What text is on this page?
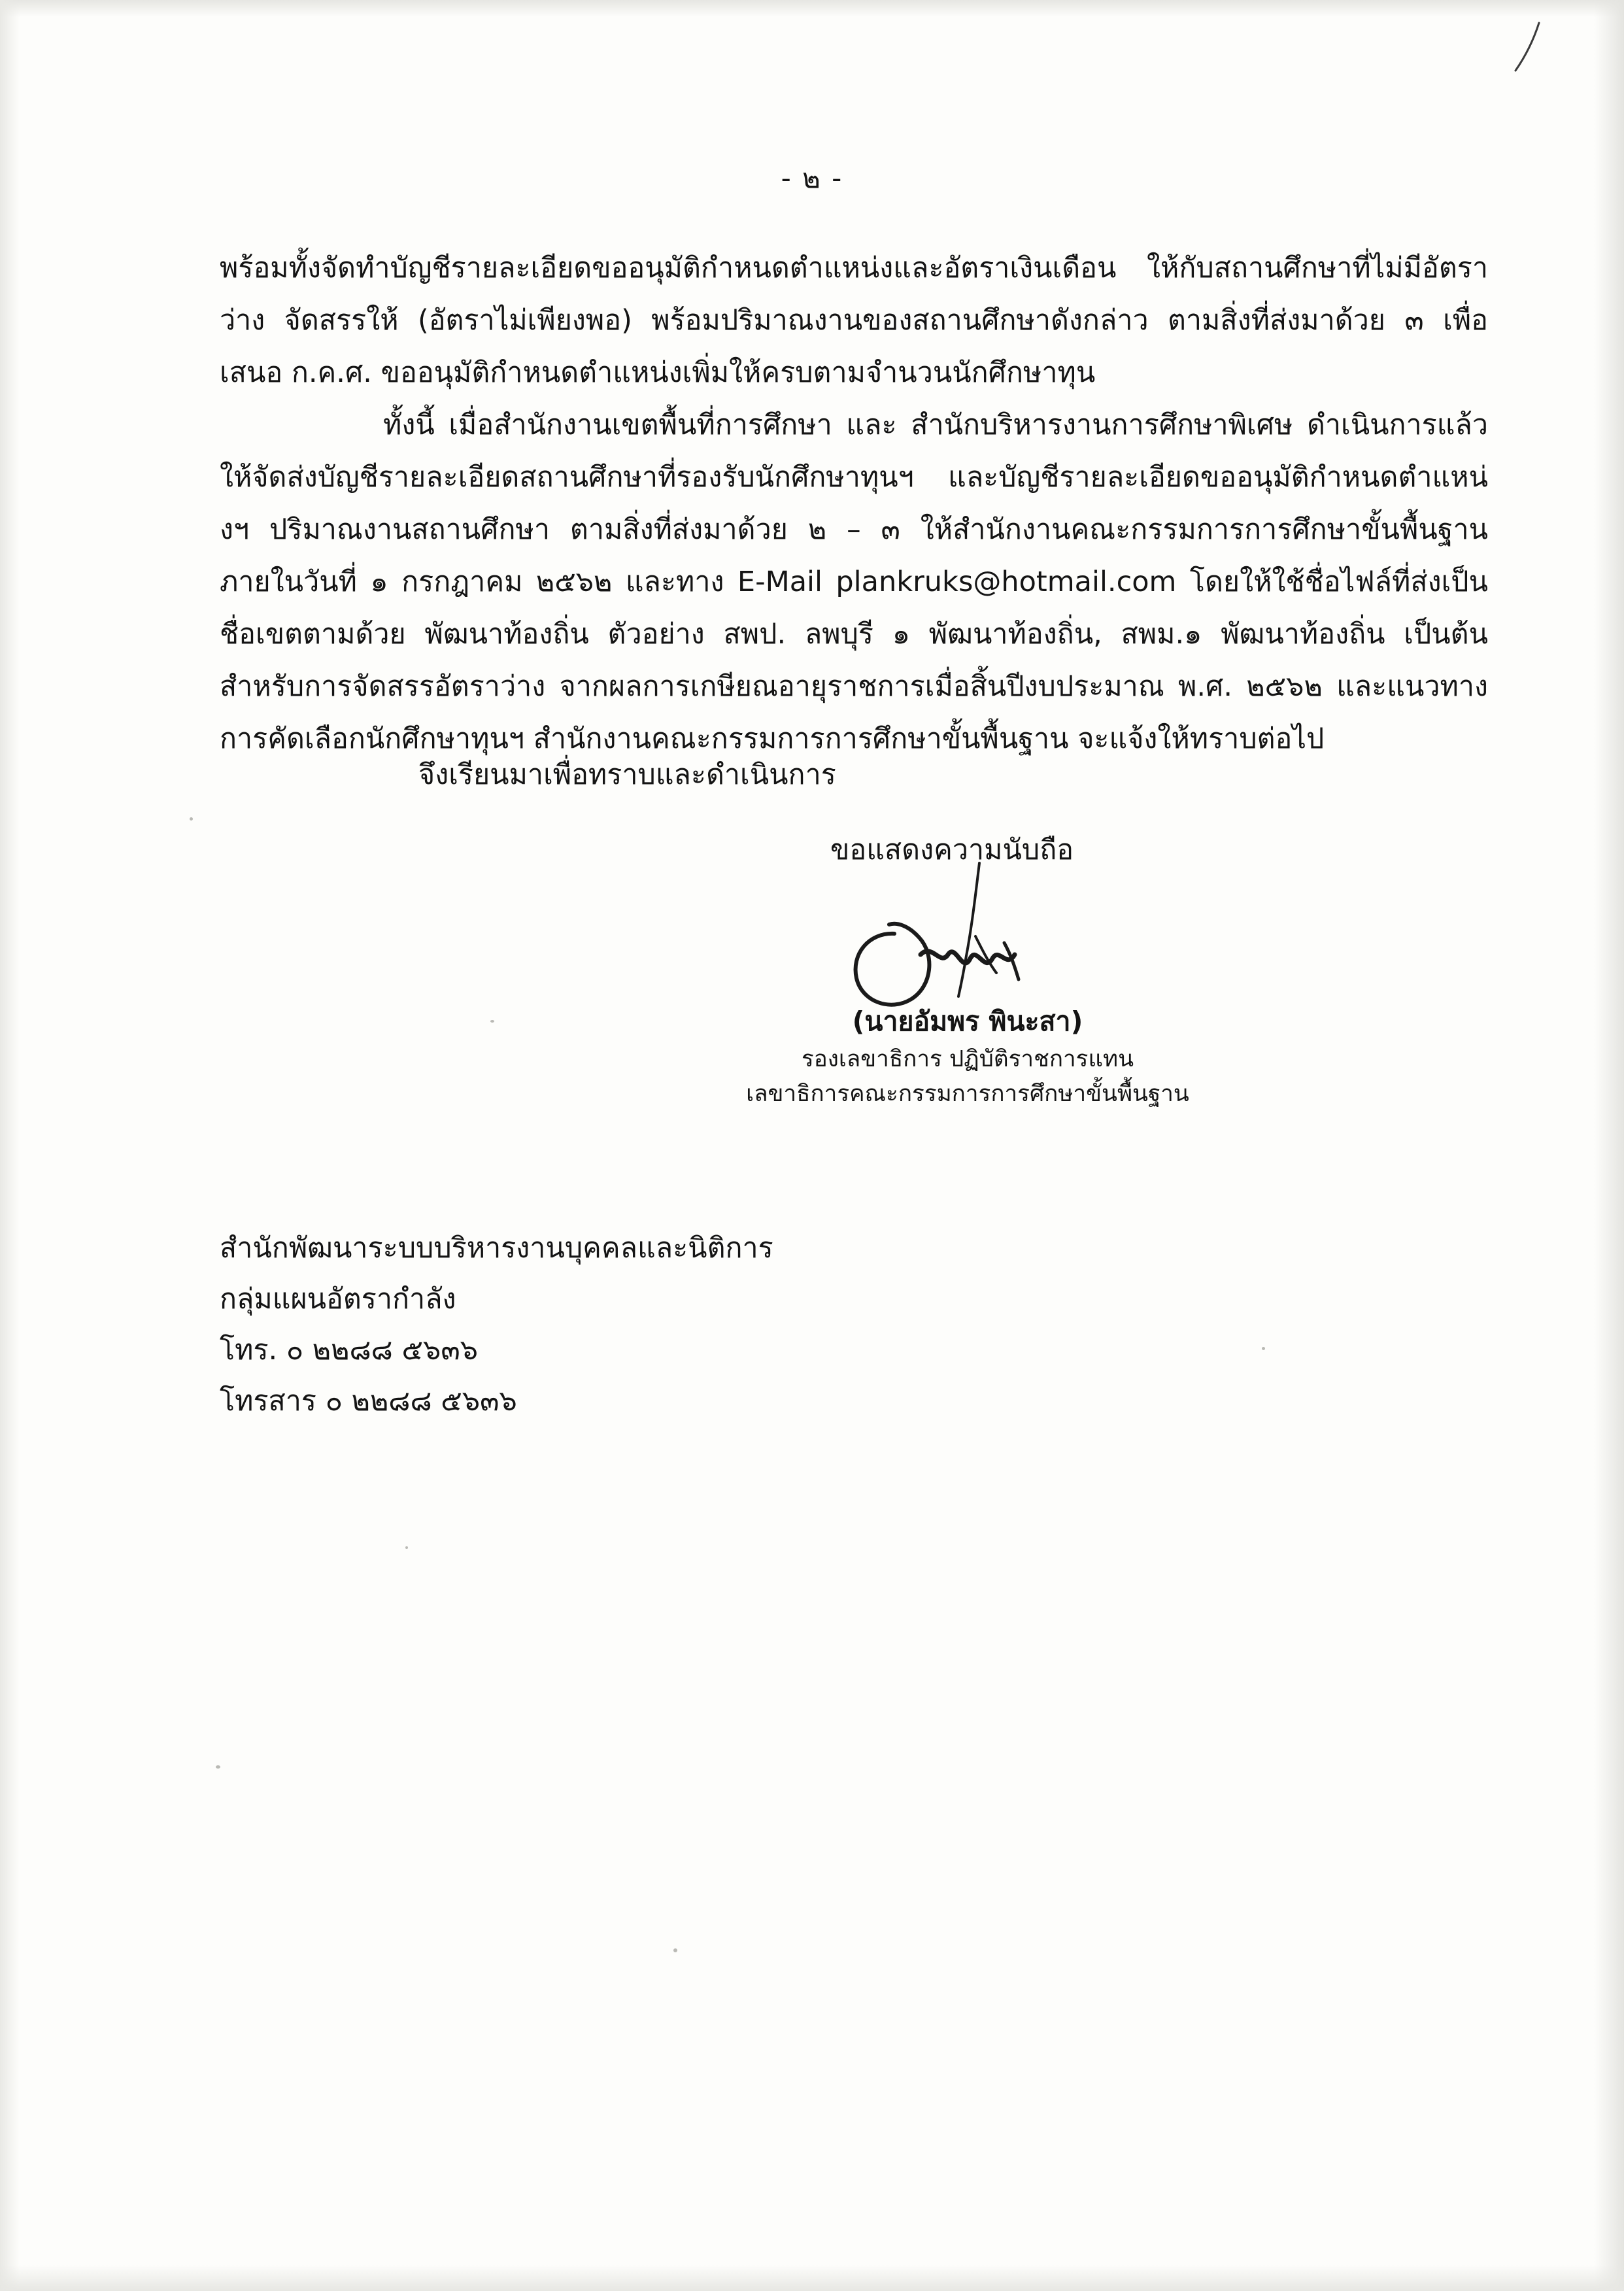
- ๒ -

พร้อมทั้งจัดทำบัญชีรายละเอียดขออนุมัติกำหนดตำแหน่งและอัตราเงินเดือน ให้กับสถานศึกษาที่ไม่มีอัตราว่าง จัดสรรให้ (อัตราไม่เพียงพอ) พร้อมปริมาณงานของสถานศึกษาดังกล่าว ตามสิ่งที่ส่งมาด้วย ๓ เพื่อเสนอ ก.ค.ศ. ขออนุมัติกำหนดตำแหน่งเพิ่มให้ครบตามจำนวนนักศึกษาทุน

ทั้งนี้ เมื่อสำนักงานเขตพื้นที่การศึกษา และ สำนักบริหารงานการศึกษาพิเศษ ดำเนินการแล้ว ให้จัดส่งบัญชีรายละเอียดสถานศึกษาที่รองรับนักศึกษาทุนฯ และบัญชีรายละเอียดขออนุมัติกำหนดตำแหน่งฯ ปริมาณงานสถานศึกษา ตามสิ่งที่ส่งมาด้วย ๒ – ๓ ให้สำนักงานคณะกรรมการการศึกษาขั้นพื้นฐาน ภายในวันที่ ๑ กรกฎาคม ๒๕๖๒ และทาง E-Mail plankruks@hotmail.com โดยให้ใช้ชื่อไฟล์ที่ส่งเป็นชื่อเขตตามด้วย พัฒนาท้องถิ่น ตัวอย่าง สพป. ลพบุรี ๑ พัฒนาท้องถิ่น, สพม.๑ พัฒนาท้องถิ่น เป็นต้น สำหรับการจัดสรรอัตราว่าง จากผลการเกษียณอายุราชการเมื่อสิ้นปีงบประมาณ พ.ศ. ๒๕๖๒ และแนวทางการคัดเลือกนักศึกษาทุนฯ สำนักงานคณะกรรมการการศึกษาขั้นพื้นฐาน จะแจ้งให้ทราบต่อไป

จึงเรียนมาเพื่อทราบและดำเนินการ
ขอแสดงความนับถือ
(นายอัมพร พินะสา)
รองเลขาธิการ ปฏิบัติราชการแทน
เลขาธิการคณะกรรมการการศึกษาขั้นพื้นฐาน

สำนักพัฒนาระบบบริหารงานบุคคลและนิติการ

กลุ่มแผนอัตรากำลัง

โทร. ๐ ๒๒๘๘ ๕๖๓๖

โทรสาร ๐ ๒๒๘๘ ๕๖๓๖
